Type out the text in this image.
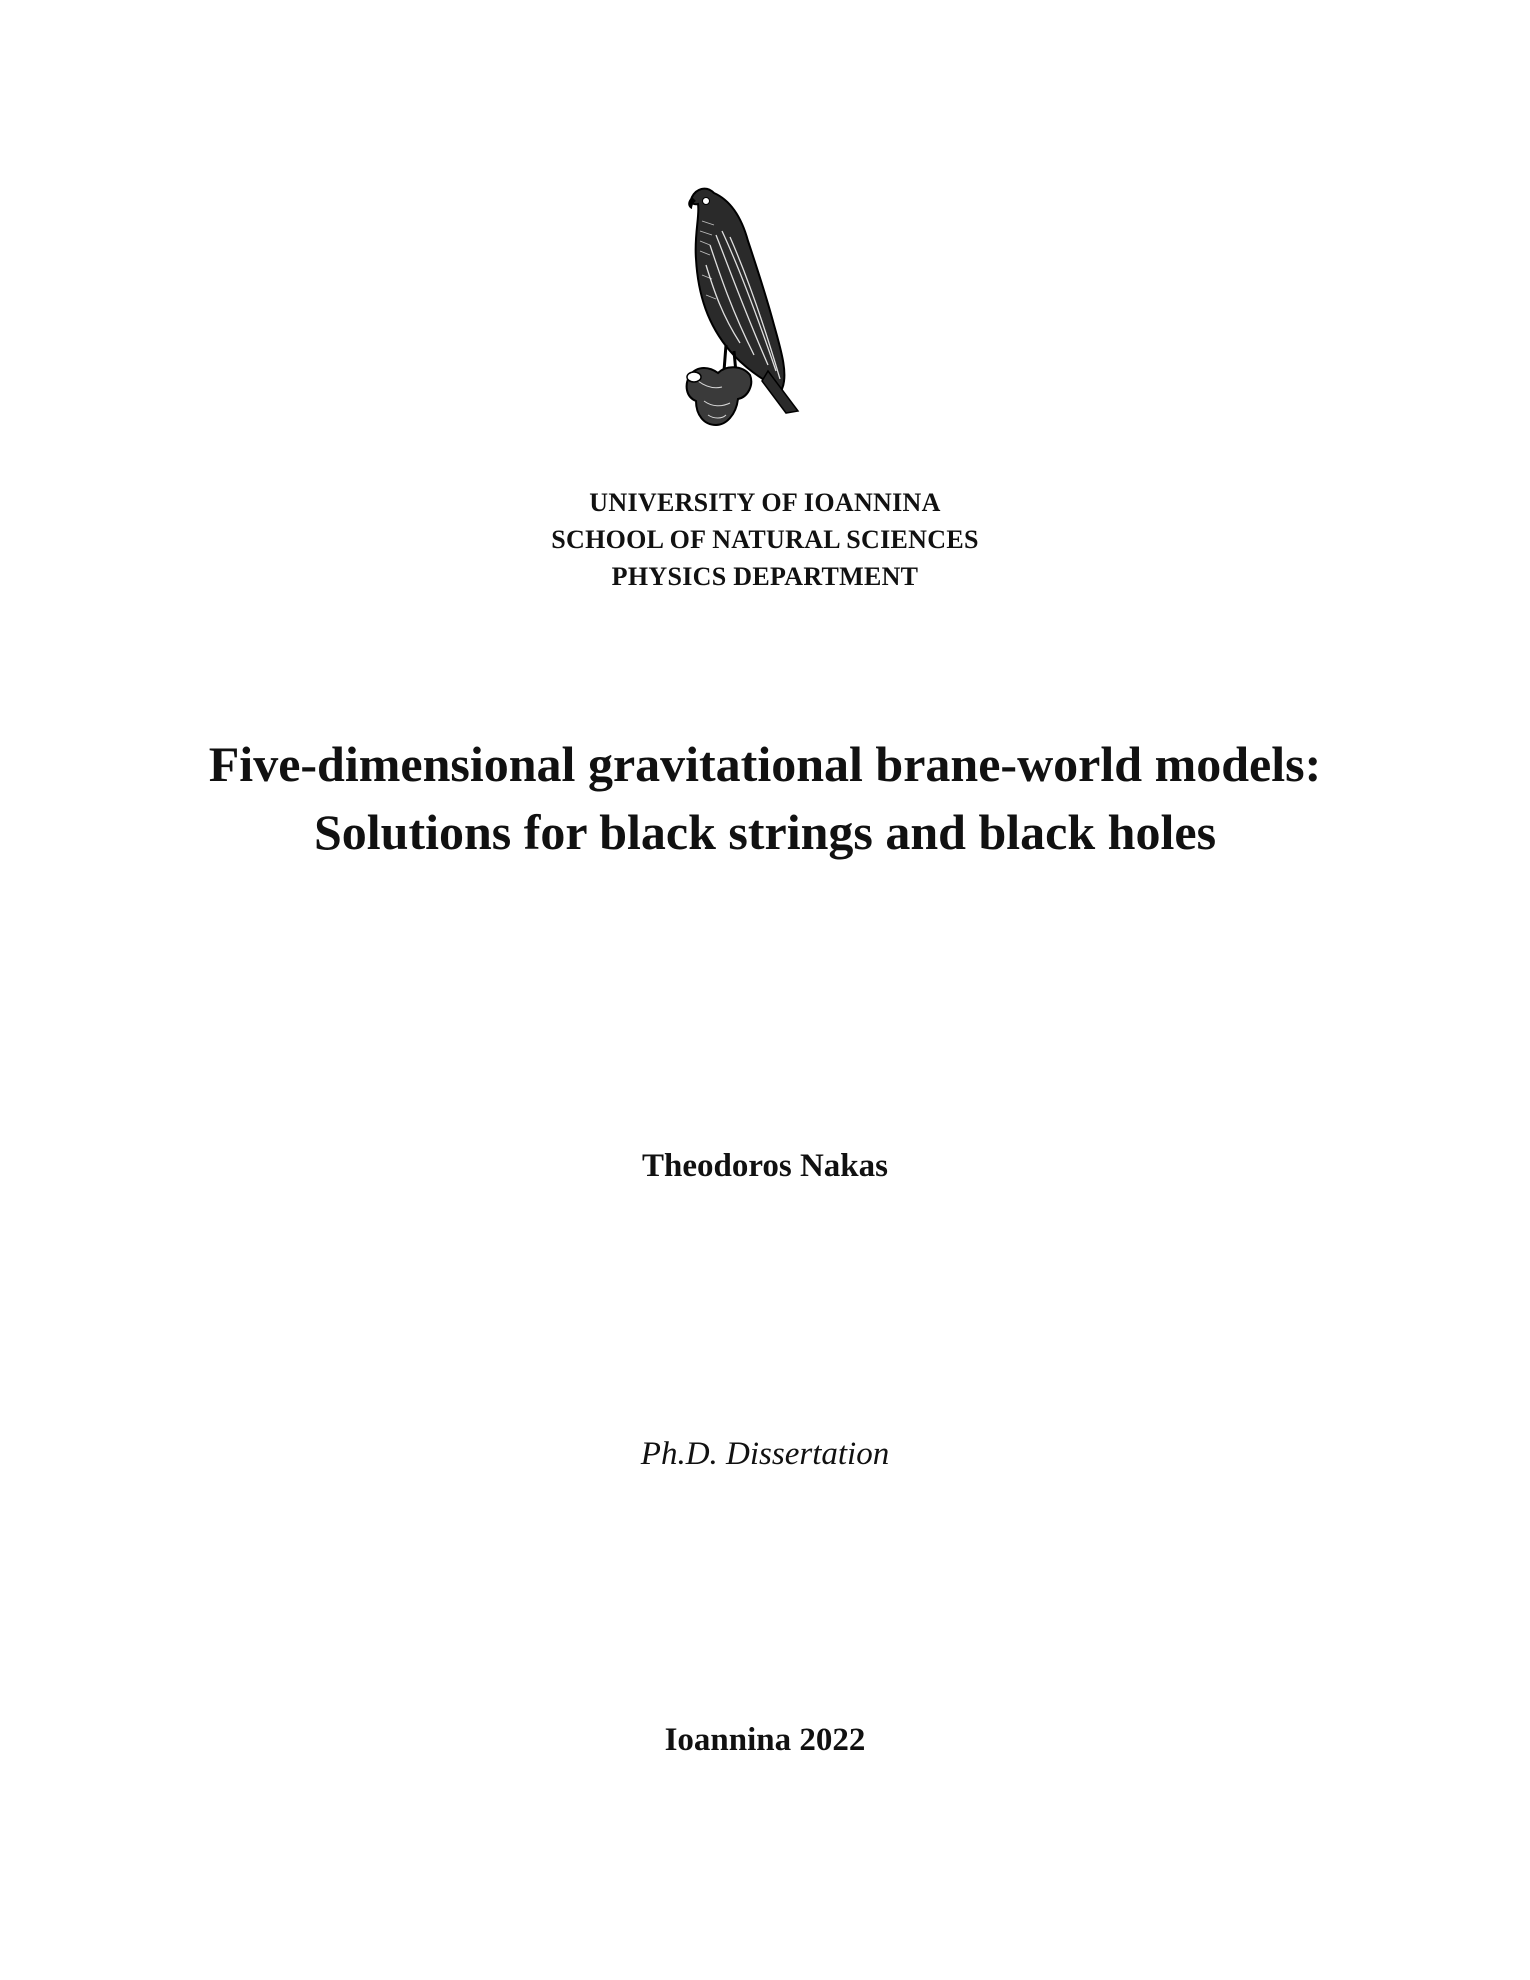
UNIVERSITY OF IOANNINA
SCHOOL OF NATURAL SCIENCES
PHYSICS DEPARTMENT
Five-dimensional gravitational brane-world models: Solutions for black strings and black holes
Theodoros Nakas
Ph.D. Dissertation
Ioannina 2022
